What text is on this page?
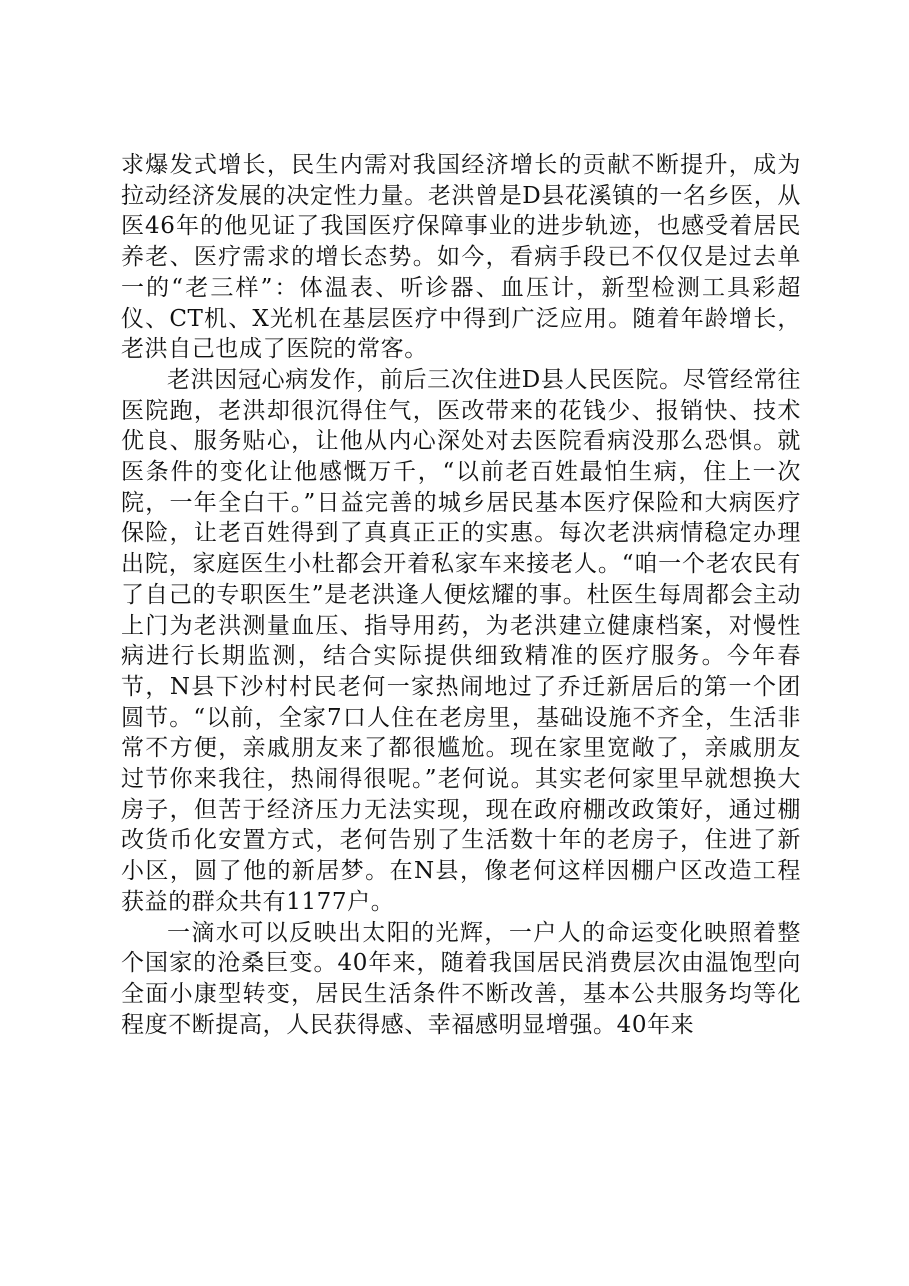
求爆发式增长，民生内需对我国经济增长的贡献不断提升，成为拉动经济发展的决定性力量。老洪曾是D县花溪镇的一名乡医，从医46年的他见证了我国医疗保障事业的进步轨迹，也感受着居民养老、医疗需求的增长态势。如今，看病手段已不仅仅是过去单一的“老三样”：体温表、听诊器、血压计，新型检测工具彩超仪、CT机、X光机在基层医疗中得到广泛应用。随着年龄增长，老洪自己也成了医院的常客。

老洪因冠心病发作，前后三次住进D县人民医院。尽管经常往医院跑，老洪却很沉得住气，医改带来的花钱少、报销快、技术优良、服务贴心，让他从内心深处对去医院看病没那么恐惧。就医条件的变化让他感慨万千，“以前老百姓最怕生病，住上一次院，一年全白干。”日益完善的城乡居民基本医疗保险和大病医疗保险，让老百姓得到了真真正正的实惠。每次老洪病情稳定办理出院，家庭医生小杜都会开着私家车来接老人。“咱一个老农民有了自己的专职医生”是老洪逢人便炫耀的事。杜医生每周都会主动上门为老洪测量血压、指导用药，为老洪建立健康档案，对慢性病进行长期监测，结合实际提供细致精准的医疗服务。今年春节，N县下沙村村民老何一家热闹地过了乔迁新居后的第一个团圆节。“以前，全家7口人住在老房里，基础设施不齐全，生活非常不方便，亲戚朋友来了都很尴尬。现在家里宽敞了，亲戚朋友过节你来我往，热闹得很呢。”老何说。其实老何家里早就想换大房子，但苦于经济压力无法实现，现在政府棚改政策好，通过棚改货币化安置方式，老何告别了生活数十年的老房子，住进了新小区，圆了他的新居梦。在N县，像老何这样因棚户区改造工程获益的群众共有1177户。

一滴水可以反映出太阳的光辉，一户人的命运变化映照着整个国家的沧桑巨变。40年来，随着我国居民消费层次由温饱型向全面小康型转变，居民生活条件不断改善，基本公共服务均等化程度不断提高，人民获得感、幸福感明显增强。40年来
